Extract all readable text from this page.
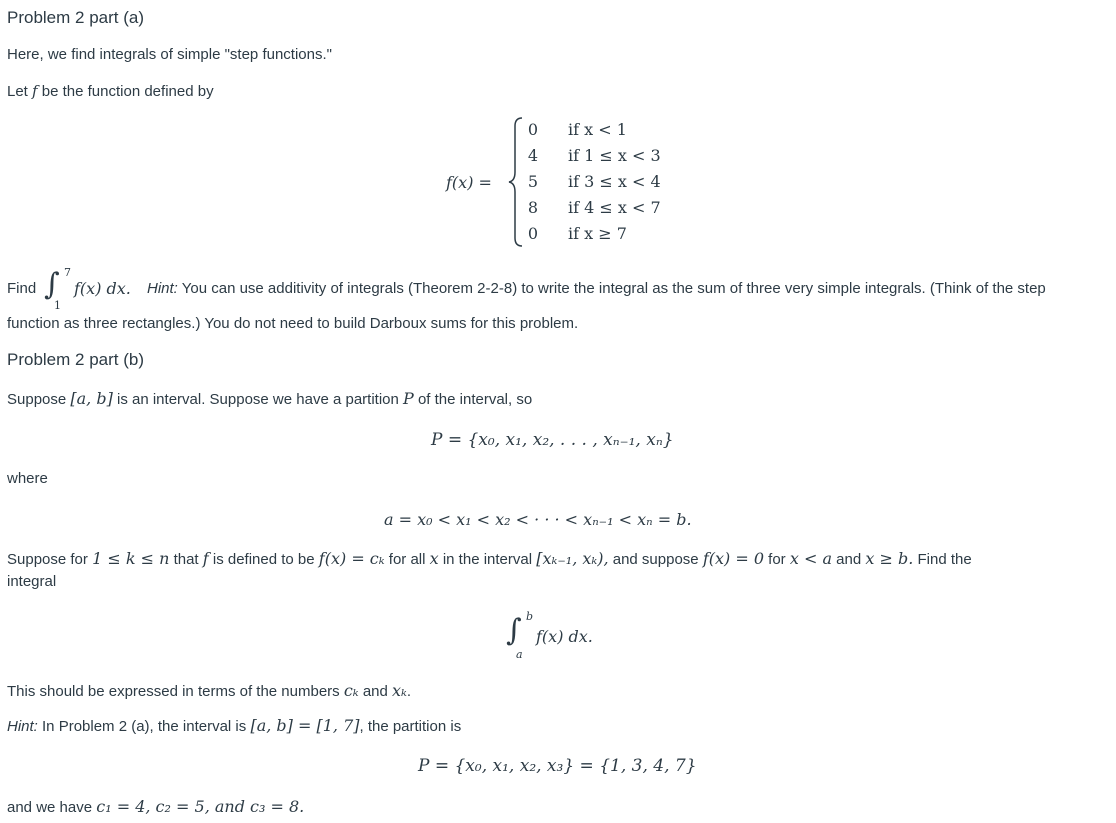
Problem 2 part (a)
Here, we find integrals of simple "step functions."
Let f be the function defined by
f(x) =
0 if x < 1
4 if 1 ≤ x < 3
5 if 3 ≤ x < 4
8 if 4 ≤ x < 7
0 if x ≥ 7
Find ∫ 7
1
f(x) dx. Hint: You can use additivity of integrals (Theorem 2-2-8) to write the integral as the sum of three very simple integrals. (Think of the step
function as three rectangles.) You do not need to build Darboux sums for this problem.
Problem 2 part (b)
Suppose [a, b] is an interval. Suppose we have a partition P of the interval, so
P = {x₀, x₁, x₂, . . . , xₙ₋₁, xₙ}
where
a = x₀ < x₁ < x₂ < · · · < xₙ₋₁ < xₙ = b.
Suppose for 1 ≤ k ≤ n that f is defined to be f(x) = cₖ for all x in the interval [xₖ₋₁, xₖ), and suppose f(x) = 0 for x < a and x ≥ b. Find the
integral
∫ b
a
f(x) dx.
This should be expressed in terms of the numbers cₖ and xₖ.
Hint: In Problem 2 (a), the interval is [a, b] = [1, 7], the partition is
P = {x₀, x₁, x₂, x₃} = {1, 3, 4, 7}
and we have c₁ = 4, c₂ = 5, and c₃ = 8.
